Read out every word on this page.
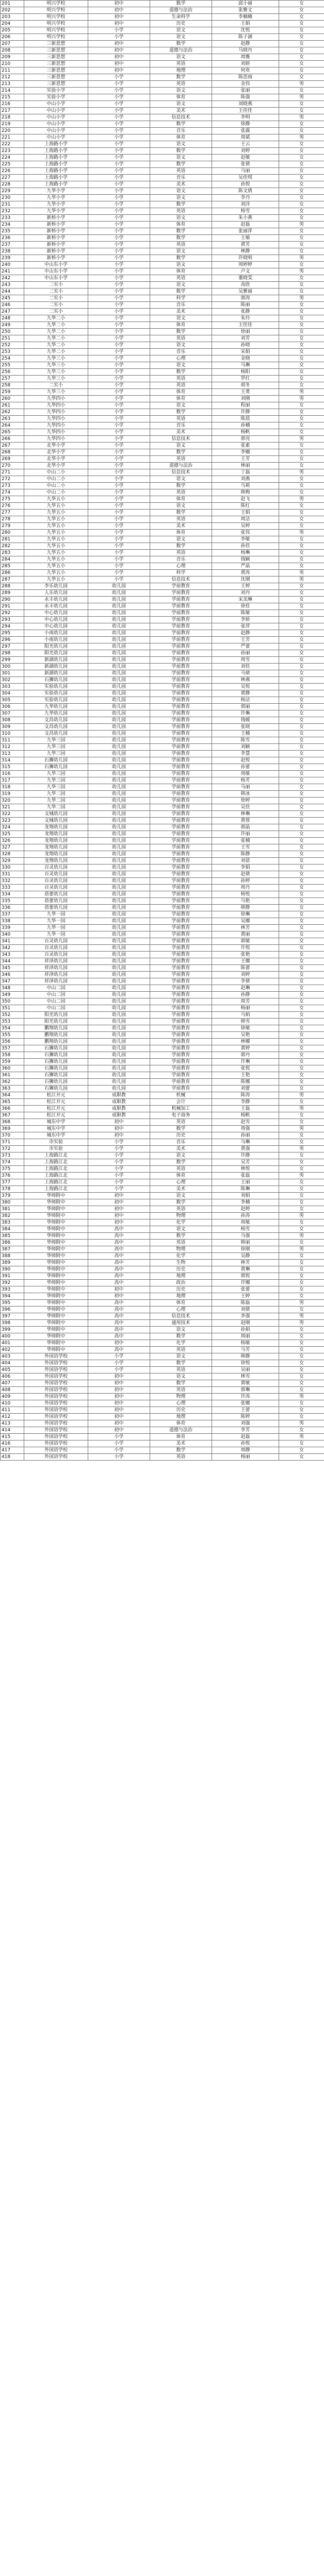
201	明兴学校	初中	数学	邱小丽	女
202	明兴学校	初中	道德与法治	张雅文	女
203	明兴学校	初中	生命科学	李楠楠	女
204	明兴学校	初中	历史	王娟	女
205	明兴学校	小学	语文	沈悦	女
206	明兴学校	小学	语文	陈子涵	女
207	三新思想	初中	数学	赵静	女
208	三新思想	初中	道德与法治	马晓丹	女
209	三新思想	初中	语文	周雅	女
210	三新思想	初中	英语	刘妍	女
211	三新思想	初中	地理	何欢	女
212	三新思想	小学	数学	陈思雨	女
213	三新思想	小学	英语	金伟	男
214	实验小学	小学	语文	张丽	女
215	实验小学	小学	体育	陈强	男
216	中山小学	小学	语文	刘晓燕	女
217	中山小学	小学	美术	王佳佳	女
218	中山小学	小学	信息技术	李明	男
219	中山小学	小学	数学	徐静	女
220	中山小学	小学	音乐	张露	女
221	中山小学	小学	体育	周斌	男
222	上海路小学	小学	语文	王云	女
223	上海路小学	小学	数学	刘婷	女
224	上海路小学	小学	语文	赵敏	女
225	上海路小学	小学	数学	张倩	女
226	上海路小学	小学	英语	马丽	女
227	上海路小学	小学	音乐	吴佳琪	女
228	上海路小学	小学	美术	孙悦	女
229	九华小学	小学	语文	陈文倩	女
230	九华小学	小学	语文	李丹	女
231	九华小学	小学	数学	刘洋	女
232	九华小学	小学	英语	杨雪	女
233	新桥小学	小学	语文	朱小燕	女
234	新桥小学	小学	体育	赵磊	男
235	新桥小学	小学	数学	张丽萍	女
236	新桥小学	小学	数学	王敏	女
237	新桥小学	小学	英语	黄芳	女
238	新桥小学	小学	语文	林静	女
239	新桥小学	小学	数学	许晓明	男
240	中山东小学	小学	语文	周婷婷	女
241	中山东小学	小学	体育	卢文	男
242	中山东小学	小学	英语	董晓雯	女
243	二实小	小学	语文	高欣	女
244	二实小	小学	数学	吴雅丽	女
245	二实小	小学	科学	郭涛	男
246	二实小	小学	音乐	陈丽	女
247	二实小	小学	美术	张静	女
248	九华二小	小学	语文	朱玲	女
249	九华二小	小学	体育	王佳佳	女
250	九华二小	小学	数学	徐丽	女
251	九华二小	小学	英语	刘芳	女
252	九华二小	小学	语文	孙晓	女
253	九华二小	小学	音乐	宋娟	女
254	九华三小	小学	心理	金晓	女
255	九华三小	小学	语文	马琳	女
256	九华三小	小学	数学	杨阳	女
257	九华三小	小学	英语	罗红	女
258	二实小	小学	英语	胡冬	女
259	九华三小	小学	体育	王勇	男
260	九华四小	小学	体育	刘刚	男
261	九华四小	小学	语文	程丽	女
262	九华四小	小学	数学	许静	女
263	九华四小	小学	英语	陈晨	女
264	九华四小	小学	音乐	孙楠	女
265	九华四小	小学	美术	杨帆	女
266	九华四小	小学	信息技术	郭亮	男
267	北华小学	小学	语文	张素	女
268	北华小学	小学	数学	李娜	女
269	北华小学	小学	英语	王芳	女
270	北华小学	小学	道德与法治	林丽	女
271	中山二小	小学	信息技术	丁磊	男
272	中山二小	小学	语文	刘燕	女
273	中山二小	小学	数学	马莉	女
274	中山二小	小学	英语	韩梅	女
275	九华五小	小学	体育	赵飞	男
276	九华五小	小学	语文	陈红	女
277	九华五小	小学	数学	王娟	女
278	九华五小	小学	英语	周洁	女
279	九华五小	小学	美术	吴婷	女
280	九华五小	小学	体育	张伟	男
281	九华五小	小学	语文	李敏	女
282	九华五小	小学	数学	孙佳	女
283	九华五小	小学	英语	杨琳	女
284	九华五小	小学	音乐	钱颖	女
285	九华五小	小学	心理	严晶	女
286	九华五小	小学	科学	黄涛	男
287	九华五小	小学	信息技术	沈刚	男
288	李乐幼儿园	幼儿园	学前教育	王婷	女
289	人乐幼儿园	幼儿园	学前教育	刘丹	女
290	永丰幼儿园	幼儿园	学前教育	宋美琳	女
291	永丰幼儿园	幼儿园	学前教育	徐佳	女
292	中心幼儿园	幼儿园	学前教育	陈敏	女
293	中心幼儿园	幼儿园	学前教育	李娇	女
294	中心幼儿园	幼儿园	学前教育	张萍	女
295	小雨幼儿园	幼儿园	学前教育	赵静	女
296	小雨幼儿园	幼儿园	学前教育	王芳	女
297	阳光幼儿园	幼儿园	学前教育	严蕾	女
298	阳光幼儿园	幼儿园	学前教育	孙丽	女
299	新湖幼儿园	幼儿园	学前教育	周雪	女
300	新湖幼儿园	幼儿园	学前教育	刘佳	女
301	新湖幼儿园	幼儿园	学前教育	马倩	女
302	石狮幼儿园	幼儿园	学前教育	林燕	女
303	实验幼儿园	幼儿园	学前教育	吴悦	女
304	实验幼儿园	幼儿园	学前教育	黄静	女
305	实验幼儿园	幼儿园	学前教育	杨洁	女
306	九华幼儿园	幼儿园	学前教育	郭丽	女
307	九华幼儿园	幼儿园	学前教育	许琳	女
308	文昌幼儿园	幼儿园	学前教育	钱媛	女
309	文昌幼儿园	幼儿园	学前教育	张晓	女
310	文昌幼儿园	幼儿园	学前教育	王楠	女
311	九华三园	幼儿园	学前教育	陈雪	女
312	九华三园	幼儿园	学前教育	刘颖	女
313	九华三园	幼儿园	学前教育	李慧	女
314	石狮幼儿园	幼儿园	学前教育	赵悦	女
315	石狮幼儿园	幼儿园	学前教育	孙蕾	女
316	九华三园	幼儿园	学前教育	周敏	女
317	九华三园	幼儿园	学前教育	杨芳	女
318	九华三园	幼儿园	学前教育	马丽	女
319	九华二园	幼儿园	学前教育	韩冰	女
320	九华二园	幼儿园	学前教育	徐婷	女
321	九华二园	幼儿园	学前教育	吴佳	女
322	文城幼儿园	幼儿园	学前教育	林琳	女
323	文城幼儿园	幼儿园	学前教育	黄蓉	女
324	龙翔幼儿园	幼儿园	学前教育	郭晶	女
325	龙翔幼儿园	幼儿园	学前教育	许丽	女
326	龙翔幼儿园	幼儿园	学前教育	张楠	女
327	龙翔幼儿园	幼儿园	学前教育	王雪	女
328	龙翔幼儿园	幼儿园	学前教育	陈静	女
329	龙翔幼儿园	幼儿园	学前教育	刘蓓	女
330	百灵幼儿园	幼儿园	学前教育	李娟	女
331	百灵幼儿园	幼儿园	学前教育	赵倩	女
332	百灵幼儿园	幼儿园	学前教育	孙婷	女
333	百灵幼儿园	幼儿园	学前教育	周丹	女
334	蓓蕾幼儿园	幼儿园	学前教育	杨悦	女
335	蓓蕾幼儿园	幼儿园	学前教育	马艳	女
336	蓓蕾幼儿园	幼儿园	学前教育	韩静	女
337	九华一园	幼儿园	学前教育	徐琳	女
338	九华一园	幼儿园	学前教育	吴娜	女
339	九华一园	幼儿园	学前教育	林芳	女
340	九华一园	幼儿园	学前教育	黄丽	女
341	百灵幼儿园	幼儿园	学前教育	郭敏	女
342	百灵幼儿园	幼儿园	学前教育	许悦	女
343	百灵幼儿园	幼儿园	学前教育	张艳	女
344	祥泽幼儿园	幼儿园	学前教育	王娜	女
345	祥泽幼儿园	幼儿园	学前教育	陈蕾	女
346	祥泽幼儿园	幼儿园	学前教育	刘婷	女
347	祥泽幼儿园	幼儿园	学前教育	李倩	女
348	中山二园	幼儿园	学前教育	赵琳	女
349	中山二园	幼儿园	学前教育	孙静	女
350	中山二园	幼儿园	学前教育	周芳	女
351	中山二园	幼儿园	学前教育	杨丽	女
352	阳光幼儿园	幼儿园	学前教育	马娟	女
353	阳光幼儿园	幼儿园	学前教育	韩雪	女
354	鹏翔幼儿园	幼儿园	学前教育	徐敏	女
355	鹏翔幼儿园	幼儿园	学前教育	吴艳	女
356	鹏翔幼儿园	幼儿园	学前教育	林娜	女
357	石狮幼儿园	幼儿园	学前教育	黄婷	女
358	石狮幼儿园	幼儿园	学前教育	郭丹	女
359	石狮幼儿园	幼儿园	学前教育	许琳	女
360	石狮幼儿园	幼儿园	学前教育	张悦	女
361	石狮幼儿园	幼儿园	学前教育	王艳	女
362	石狮幼儿园	幼儿园	学前教育	陈娜	女
363	石狮幼儿园	幼儿园	学前教育	刘蕾	女
364	松江开元	成职教	机械	陈涛	男
365	松江开元	成职教	会计	李静	女
366	松江开元	成职教	机械加工	王磊	男
367	松江开元	成职教	电子商务	杨帆	女
368	城东中学	初中	英语	赵雪	女
369	城东中学	初中	数学	周强	男
370	城东中学	初中	历史	孙丽	女
371	市实验	小学	音乐	马琳	女
372	市实验	小学	美术	黄强	男
373	上海路江北	小学	语文	许静	女
374	上海路江北	小学	数学	吴芳	女
375	上海路江北	小学	英语	林悦	女
376	上海路江北	小学	体育	张磊	男
377	上海路江北	小学	心理	王丽	女
378	上海路江北	小学	美术	陈琳	女
379	华师附中	初中	语文	刘娟	女
380	华师附中	初中	数学	李楠	女
381	华师附中	初中	英语	赵婷	女
382	华师附中	初中	物理	孙涛	男
383	华师附中	初中	化学	周敏	女
384	华师附中	高中	语文	杨雪	女
385	华师附中	高中	数学	马强	男
386	华师附中	高中	英语	韩丽	女
387	华师附中	高中	物理	徐刚	男
388	华师附中	高中	化学	吴静	女
389	华师附中	高中	生物	林芳	女
390	华师附中	高中	历史	黄琳	女
391	华师附中	高中	地理	郭悦	女
392	华师附中	高中	政治	许娜	女
393	华师附中	初中	历史	张蕾	女
394	华师附中	初中	地理	王婷	女
395	华师附中	高中	体育	陈磊	男
396	华师附中	高中	心理	刘倩	女
397	华师附中	高中	信息技术	李强	男
398	华师附中	高中	通用技术	赵刚	男
399	华师附中	高中	语文	孙娟	女
400	华师附中	高中	数学	周丽	女
401	华师附中	初中	化学	杨敏	女
402	华师附中	高中	英语	马芳	女
403	外国语学校	小学	语文	韩静	女
404	外国语学校	小学	数学	徐悦	女
405	外国语学校	小学	英语	吴丽	女
406	外国语学校	初中	语文	林雪	女
407	外国语学校	初中	数学	黄敏	女
408	外国语学校	初中	英语	郭琳	女
409	外国语学校	初中	物理	许涛	男
410	外国语学校	初中	心理	张娜	女
411	外国语学校	初中	历史	王蕾	女
412	外国语学校	初中	地理	陈婷	女
413	外国语学校	初中	体育	刘强	男
414	外国语学校	初中	道德与法治	李芳	女
415	外国语学校	小学	体育	赵磊	男
416	外国语学校	小学	美术	孙悦	女
417	外国语学校	小学	数学	周静	女
418	外国语学校	小学	英语	杨丽	女
